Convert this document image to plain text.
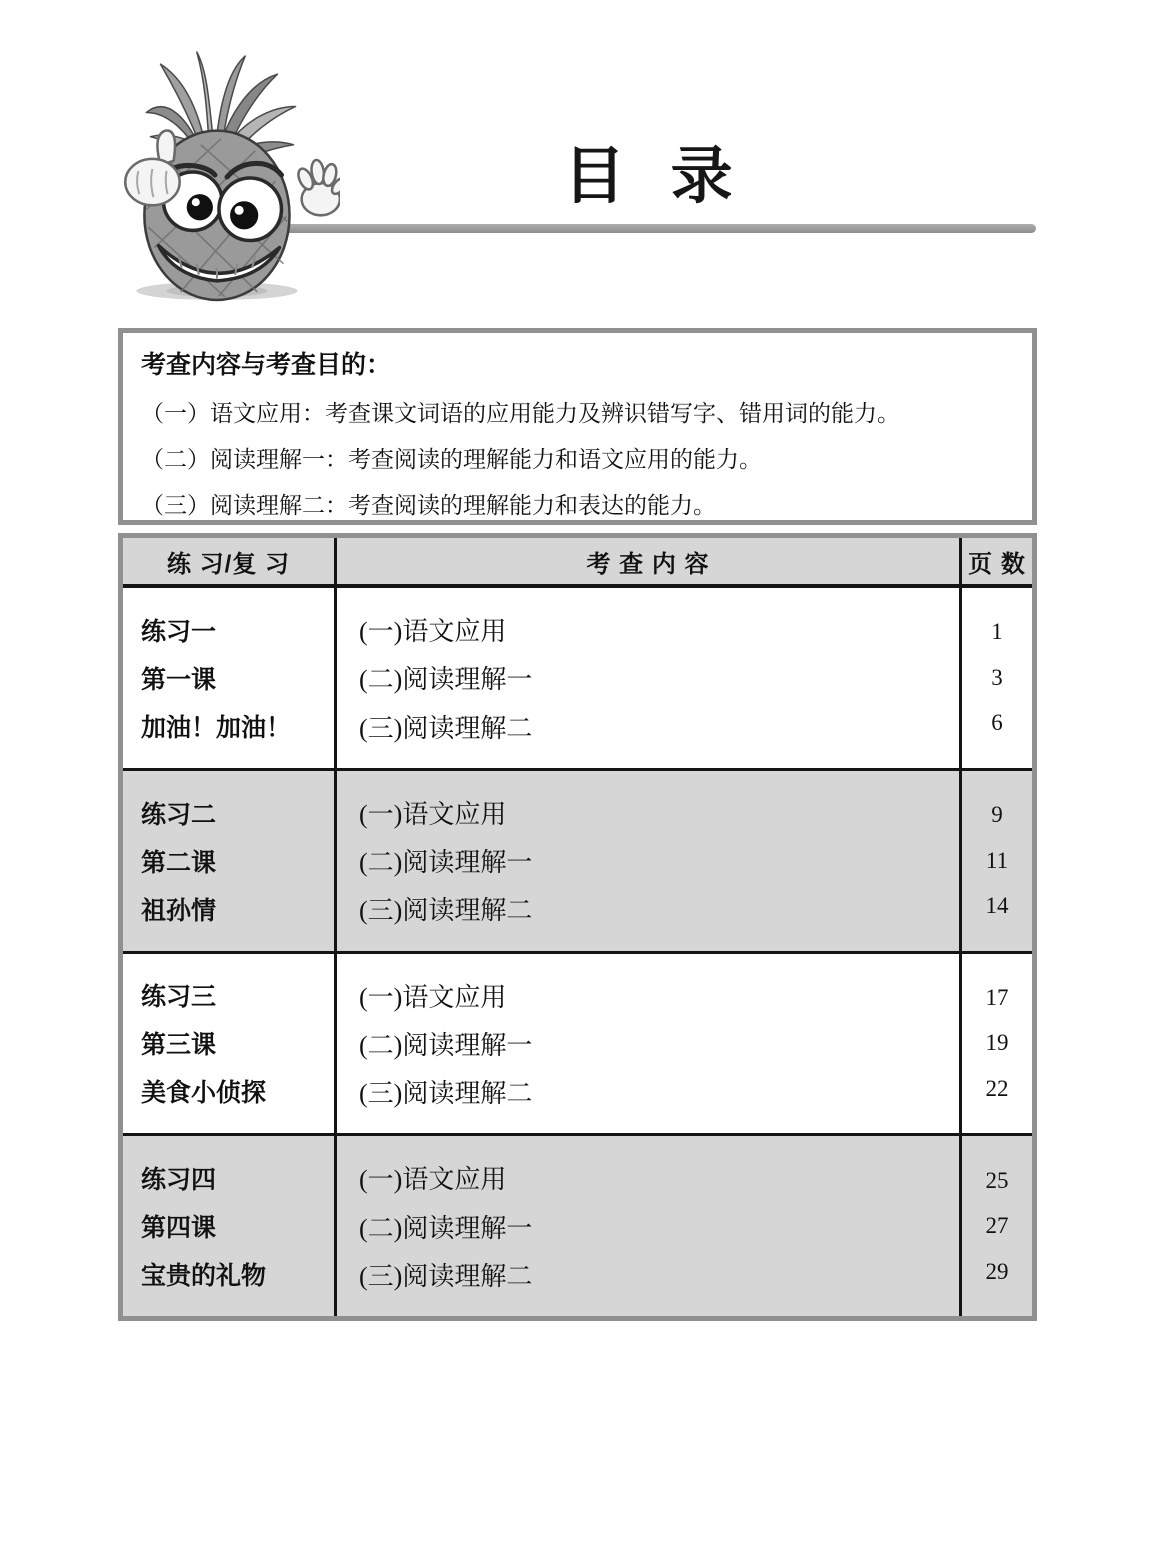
目 录
考查内容与考查目的：
（一）语文应用：考查课文词语的应用能力及辨识错写字、错用词的能力。
（二）阅读理解一：考查阅读的理解能力和语文应用的能力。
（三）阅读理解二：考查阅读的理解能力和表达的能力。
练 习/复 习	考 查 内 容	页 数
练习一
第一课
加油！加油！
(一)语文应用
(二)阅读理解一
(三)阅读理解二
1
3
6
练习二
第二课
祖孙情
(一)语文应用
(二)阅读理解一
(三)阅读理解二
9
11
14
练习三
第三课
美食小侦探
(一)语文应用
(二)阅读理解一
(三)阅读理解二
17
19
22
练习四
第四课
宝贵的礼物
(一)语文应用
(二)阅读理解一
(三)阅读理解二
25
27
29
